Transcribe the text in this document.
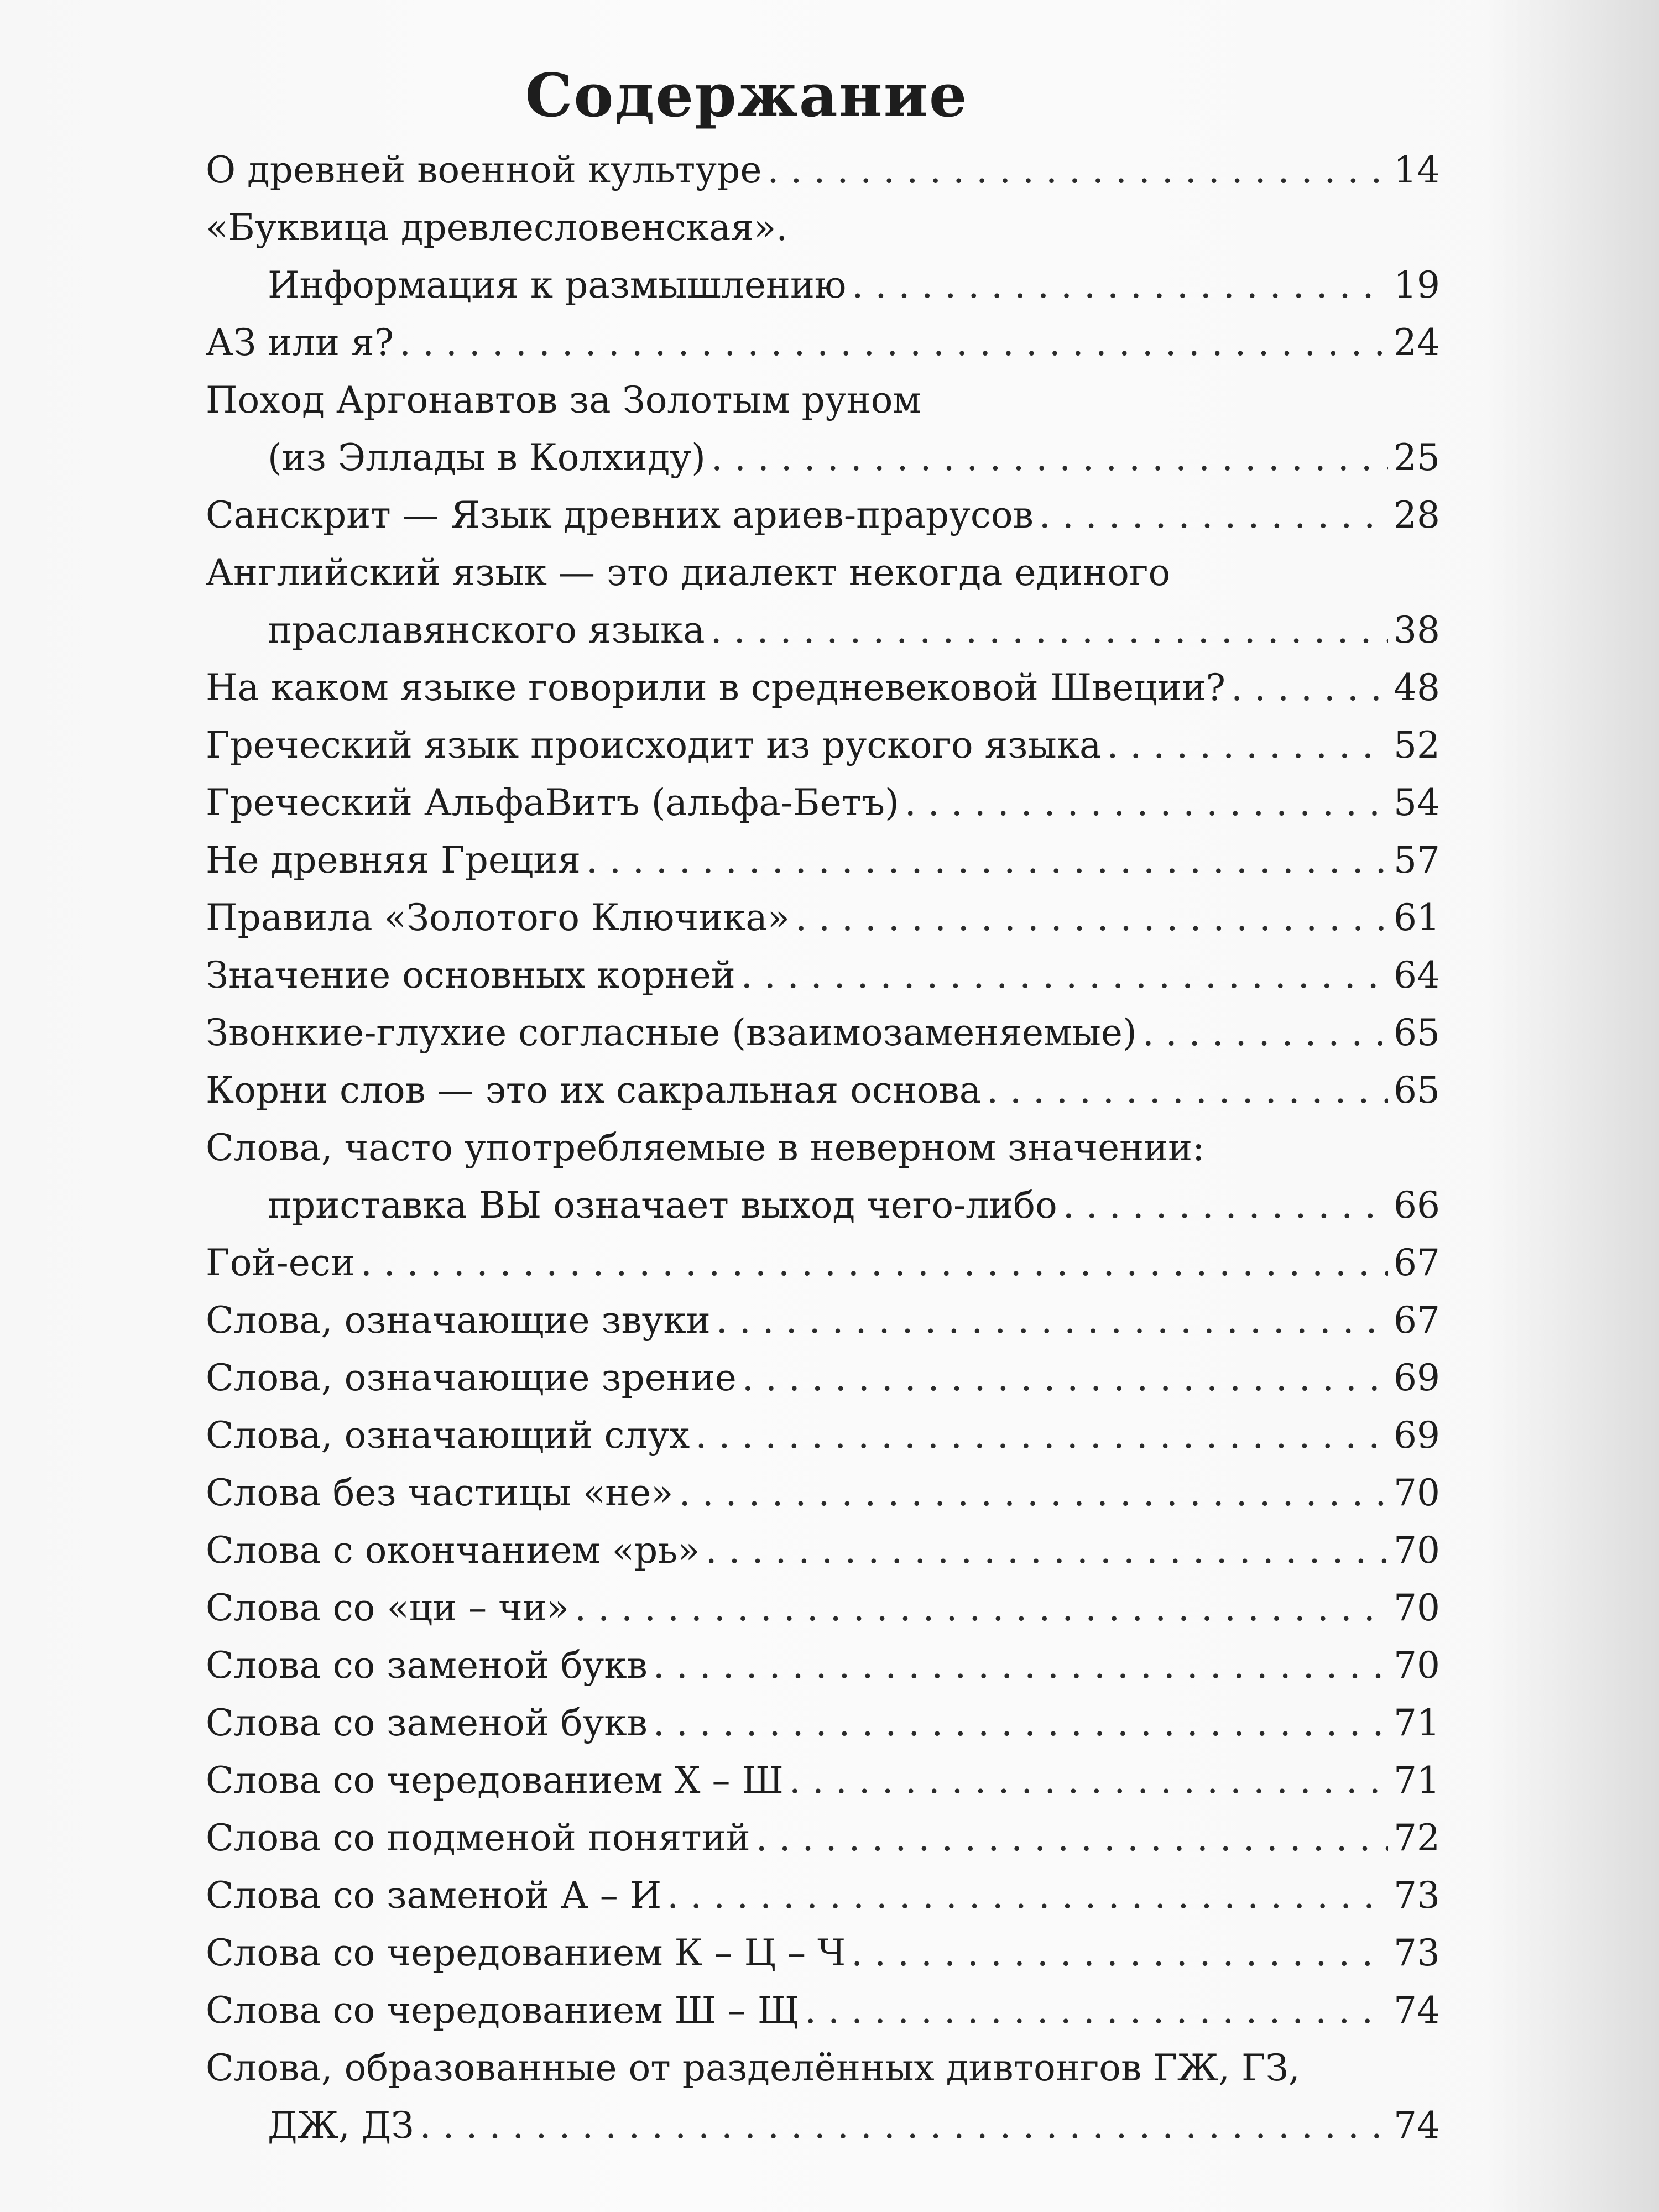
Содержание
О древней военной культуре . . .	14
«Буквица древлесловенская».
Информация к размышлению . . .	19
АЗ или я? . . .	24
Поход Аргонавтов за Золотым руном
(из Эллады в Колхиду) . . .	25
Санскрит — Язык древних ариев-прарусов . . .	28
Английский язык — это диалект некогда единого
праславянского языка . . .	38
На каком языке говорили в средневековой Швеции? . . .	48
Греческий язык происходит из руского языка . . .	52
Греческий АльфаВитъ (альфа-Бетъ) . . .	54
Не древняя Греция . . .	57
Правила «Золотого Ключика» . . .	61
Значение основных корней . . .	64
Звонкие-глухие согласные (взаимозаменяемые) . . .	65
Корни слов — это их сакральная основа . . .	65
Слова, часто употребляемые в неверном значении:
приставка ВЫ означает выход чего-либо . . .	66
Гой-еси . . .	67
Слова, означающие звуки . . .	67
Слова, означающие зрение . . .	69
Слова, означающий слух . . .	69
Слова без частицы «не» . . .	70
Слова с окончанием «рь» . . .	70
Слова со «ци – чи» . . .	70
Слова со заменой букв . . .	70
Слова со заменой букв . . .	71
Слова со чередованием Х – Ш . . .	71
Слова со подменой понятий . . .	72
Слова со заменой А – И . . .	73
Слова со чередованием К – Ц – Ч . . .	73
Слова со чередованием Ш – Щ . . .	74
Слова, образованные от разделённых дивтонгов ГЖ, ГЗ,
ДЖ, ДЗ . . .	74
